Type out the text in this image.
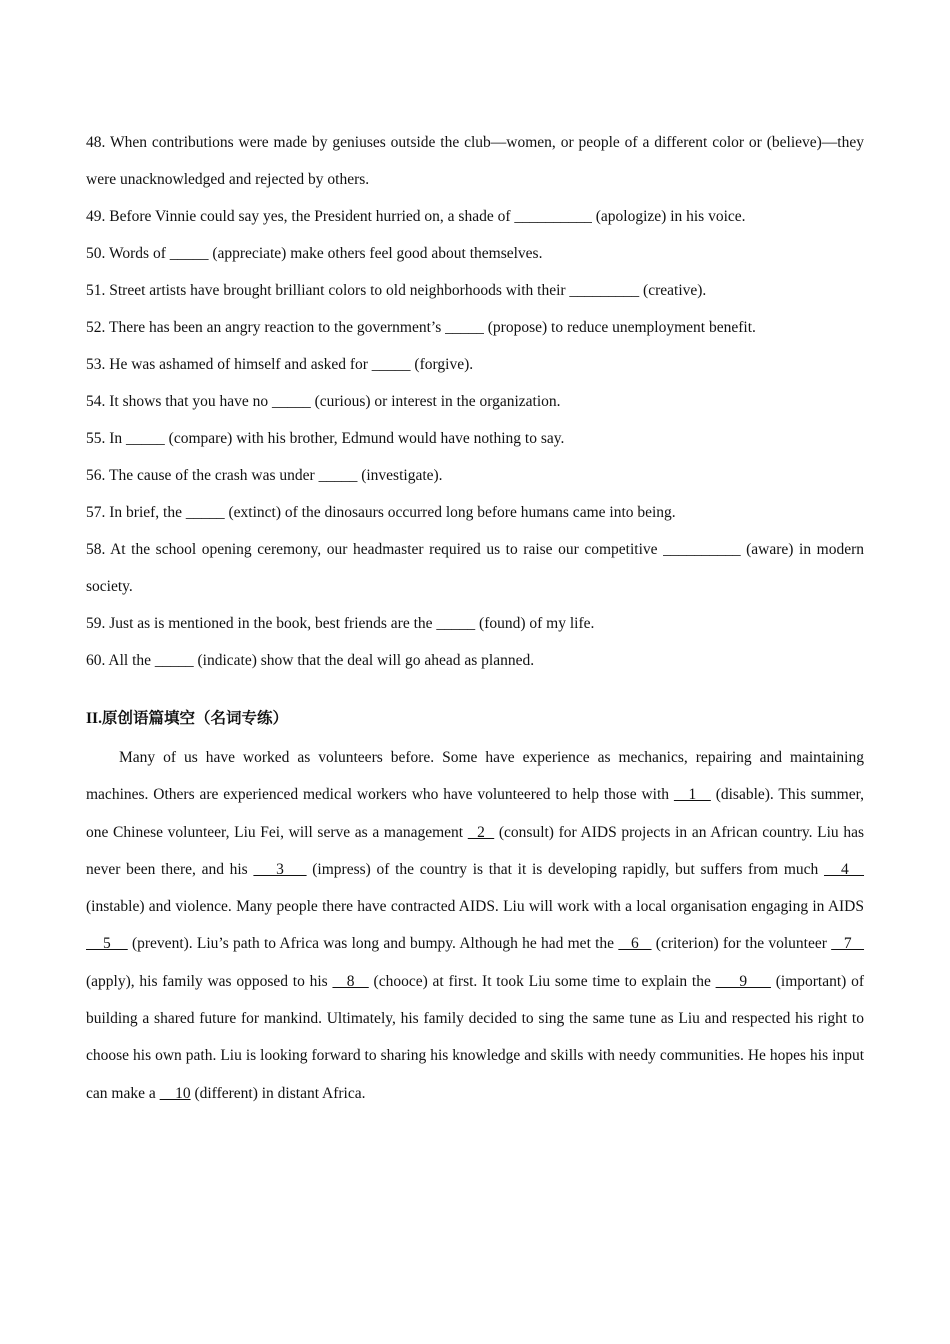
48. When contributions were made by geniuses outside the club—women, or people of a different color or (believe)—they were unacknowledged and rejected by others.

49. Before Vinnie could say yes, the President hurried on, a shade of __________ (apologize) in his voice.

50. Words of _____ (appreciate) make others feel good about themselves.

51. Street artists have brought brilliant colors to old neighborhoods with their _________ (creative).

52. There has been an angry reaction to the government’s _____ (propose) to reduce unemployment benefit.

53. He was ashamed of himself and asked for _____ (forgive).

54. It shows that you have no _____ (curious) or interest in the organization.

55. In _____ (compare) with his brother, Edmund would have nothing to say.

56. The cause of the crash was under _____ (investigate).

57. In brief, the _____ (extinct) of the dinosaurs occurred long before humans came into being.

58. At the school opening ceremony, our headmaster required us to raise our competitive __________ (aware) in modern society.

59. Just as is mentioned in the book, best friends are the _____ (found) of my life.

60. All the _____ (indicate) show that the deal will go ahead as planned.

II.原创语篇填空（名词专练）

Many of us have worked as volunteers before. Some have experience as mechanics, repairing and maintaining machines. Others are experienced medical workers who have volunteered to help those with    1    (disable). This summer, one Chinese volunteer, Liu Fei, will serve as a management   2   (consult) for AIDS projects in an African country. Liu has never been there, and his     3     (impress) of the country is that it is developing rapidly, but suffers from much    4    (instable) and violence. Many people there have contracted AIDS. Liu will work with a local organisation engaging in AIDS     5     (prevent). Liu’s path to Africa was long and bumpy. Although he had met the    6    (criterion) for the volunteer    7    (apply), his family was opposed to his    8    (chooce) at first. It took Liu some time to explain the      9      (important) of building a shared future for mankind. Ultimately, his family decided to sing the same tune as Liu and respected his right to choose his own path. Liu is looking forward to sharing his knowledge and skills with needy communities. He hopes his input can make a     10 (different) in distant Africa.
